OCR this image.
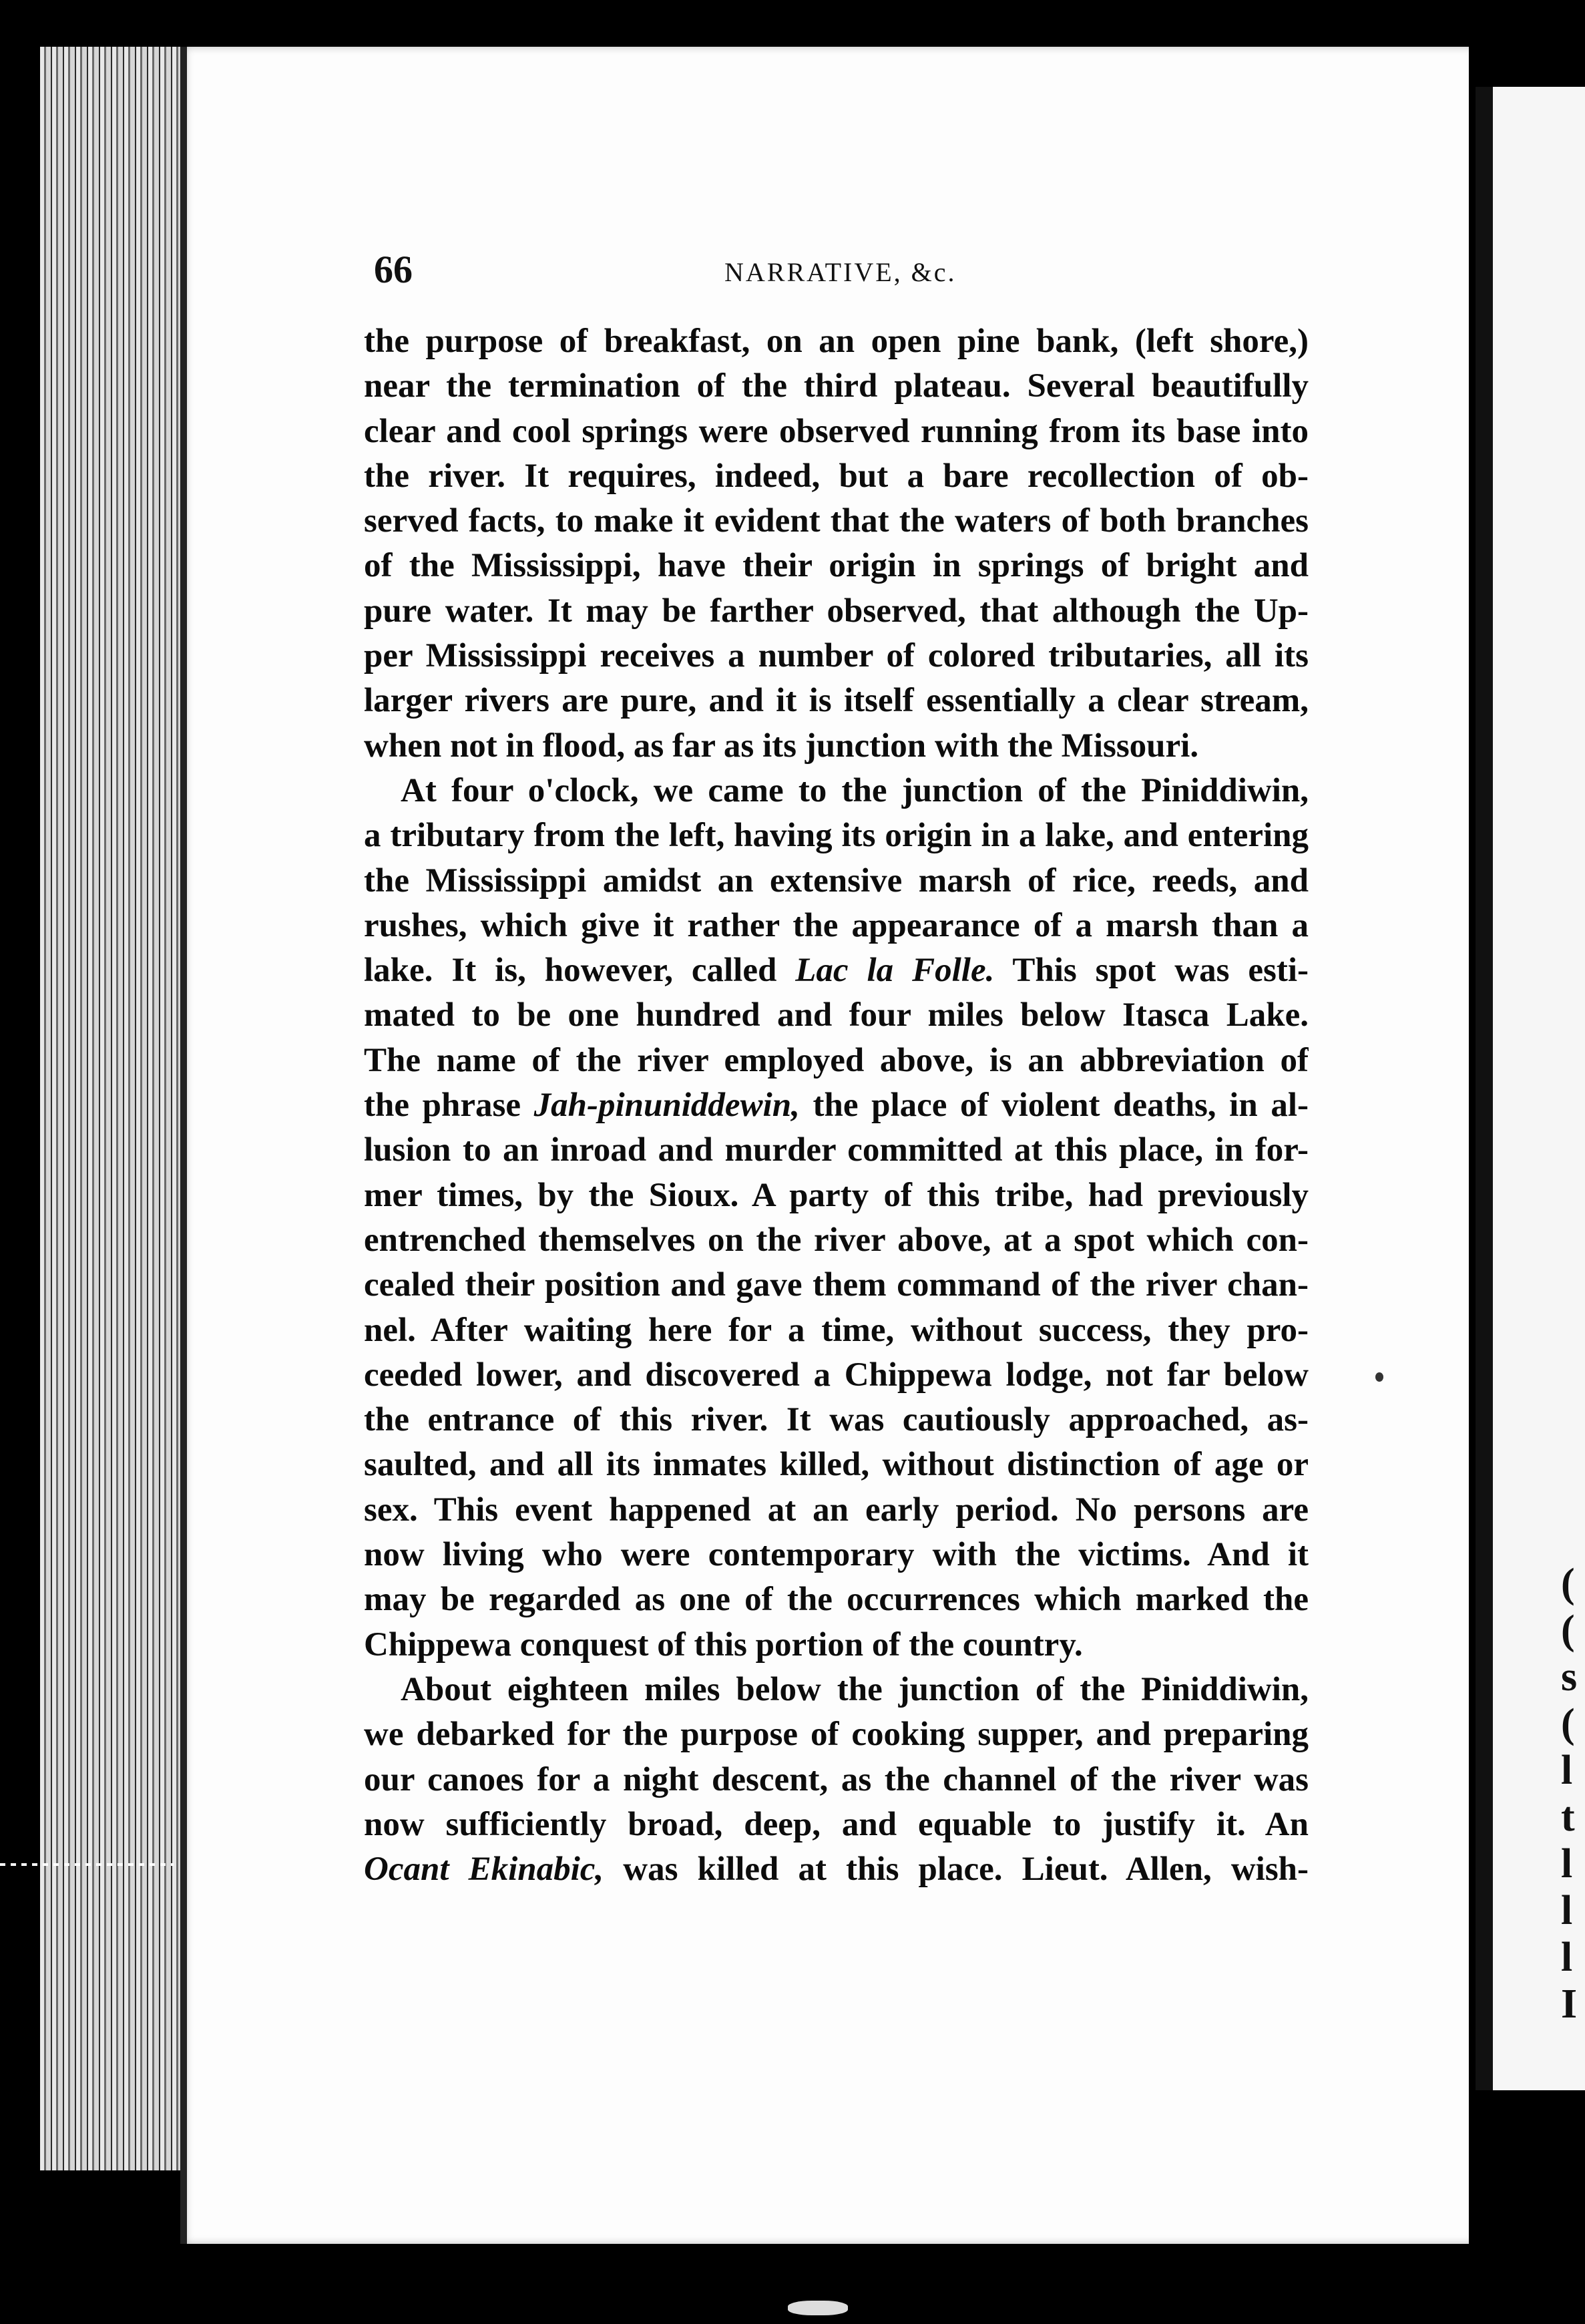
(
(
s
(
l
t
l
l
l
I
66	NARRATIVE, &c.
the purpose of breakfast, on an open pine bank, (left shore,)
near the termination of the third plateau. Several beautifully
clear and cool springs were observed running from its base into
the river. It requires, indeed, but a bare recollection of ob-
served facts, to make it evident that the waters of both branches
of the Mississippi, have their origin in springs of bright and
pure water. It may be farther observed, that although the Up-
per Mississippi receives a number of colored tributaries, all its
larger rivers are pure, and it is itself essentially a clear stream,
when not in flood, as far as its junction with the Missouri.
At four o'clock, we came to the junction of the Piniddiwin,
a tributary from the left, having its origin in a lake, and entering
the Mississippi amidst an extensive marsh of rice, reeds, and
rushes, which give it rather the appearance of a marsh than a
lake. It is, however, called Lac la Folle. This spot was esti-
mated to be one hundred and four miles below Itasca Lake.
The name of the river employed above, is an abbreviation of
the phrase Jah-pinuniddewin, the place of violent deaths, in al-
lusion to an inroad and murder committed at this place, in for-
mer times, by the Sioux. A party of this tribe, had previously
entrenched themselves on the river above, at a spot which con-
cealed their position and gave them command of the river chan-
nel. After waiting here for a time, without success, they pro-
ceeded lower, and discovered a Chippewa lodge, not far below
the entrance of this river. It was cautiously approached, as-
saulted, and all its inmates killed, without distinction of age or
sex. This event happened at an early period. No persons are
now living who were contemporary with the victims. And it
may be regarded as one of the occurrences which marked the
Chippewa conquest of this portion of the country.
About eighteen miles below the junction of the Piniddiwin,
we debarked for the purpose of cooking supper, and preparing
our canoes for a night descent, as the channel of the river was
now sufficiently broad, deep, and equable to justify it. An
Ocant Ekinabic, was killed at this place. Lieut. Allen, wish-
